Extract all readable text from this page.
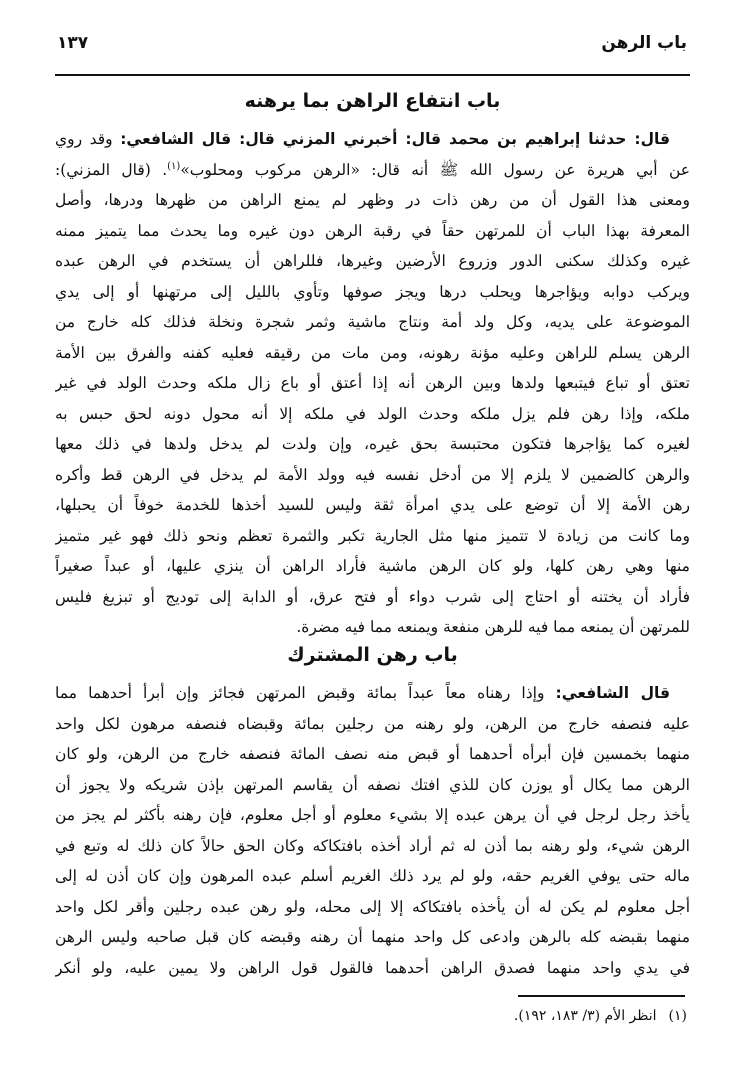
باب الرهن
١٣٧
باب انتفاع الراهن بما يرهنه
قال: حدثنا إبراهيم بن محمد قال: أخبرني المزني قال: قال الشافعي: وقد روي
عن أبي هريرة عن رسول الله ﷺ أنه قال: «الرهن مركوب ومحلوب»$^{(١)}$. (قال المزني):
ومعنى هذا القول أن من رهن ذات در وظهر لم يمنع الراهن من ظهرها ودرها، وأصل
المعرفة بهذا الباب أن للمرتهن حقاً في رقبة الرهن دون غيره وما يحدث مما يتميز ممنه
غيره وكذلك سكنى الدور وزروع الأرضين وغيرها، فللراهن أن يستخدم في الرهن عبده
ويركب دوابه ويؤاجرها ويحلب درها ويجز صوفها وتأوي بالليل إلى مرتهنها أو إلى يدي
الموضوعة على يديه، وكل ولد أمة ونتاج ماشية وثمر شجرة ونخلة فذلك كله خارج من
الرهن يسلم للراهن وعليه مؤنة رهونه، ومن مات من رقيقه فعليه كفنه والفرق بين الأمة
تعتق أو تباع فيتبعها ولدها وبين الرهن أنه إذا أعتق أو باع زال ملكه وحدث الولد في غير
ملكه، وإذا رهن فلم يزل ملكه وحدث الولد في ملكه إلا أنه محول دونه لحق حبس به
لغيره كما يؤاجرها فتكون محتبسة بحق غيره، وإن ولدت لم يدخل ولدها في ذلك معها
والرهن كالضمين لا يلزم إلا من أدخل نفسه فيه وولد الأمة لم يدخل في الرهن قط وأكره
رهن الأمة إلا أن توضع على يدي امرأة ثقة وليس للسيد أخذها للخدمة خوفاً أن يحبلها،
وما كانت من زيادة لا تتميز منها مثل الجارية تكبر والثمرة تعظم ونحو ذلك فهو غير متميز
منها وهي رهن كلها، ولو كان الرهن ماشية فأراد الراهن أن ينزي عليها، أو عبداً صغيراً
فأراد أن يختنه أو احتاج إلى شرب دواء أو فتح عرق، أو الدابة إلى توديج أو تبزيغ فليس
للمرتهن أن يمنعه مما فيه للرهن منفعة ويمنعه مما فيه مضرة.
باب رهن المشترك
قال الشافعي: وإذا رهناه معاً عبداً بمائة وقبض المرتهن فجائز وإن أبرأ أحدهما مما
عليه فنصفه خارج من الرهن، ولو رهنه من رجلين بمائة وقبضاه فنصفه مرهون لكل واحد
منهما بخمسين فإن أبرأه أحدهما أو قبض منه نصف المائة فنصفه خارج من الرهن، ولو كان
الرهن مما يكال أو يوزن كان للذي افتك نصفه أن يقاسم المرتهن بإذن شريكه ولا يجوز أن
يأخذ رجل لرجل في أن يرهن عبده إلا بشيء معلوم أو أجل معلوم، فإن رهنه بأكثر لم يجز من
الرهن شيء، ولو رهنه بما أذن له ثم أراد أخذه بافتكاكه وكان الحق حالاً كان ذلك له وتبع في
ماله حتى يوفي الغريم حقه، ولو لم يرد ذلك الغريم أسلم عبده المرهون وإن كان أذن له إلى
أجل معلوم لم يكن له أن يأخذه بافتكاكه إلا إلى محله، ولو رهن عبده رجلين وأقر لكل واحد
منهما بقبضه كله بالرهن وادعى كل واحد منهما أن رهنه وقبضه كان قبل صاحبه وليس الرهن
في يدي واحد منهما فصدق الراهن أحدهما فالقول قول الراهن ولا يمين عليه، ولو أنكر
(١)انظر الأم (٣/ ١٨٣، ١٩٢).
